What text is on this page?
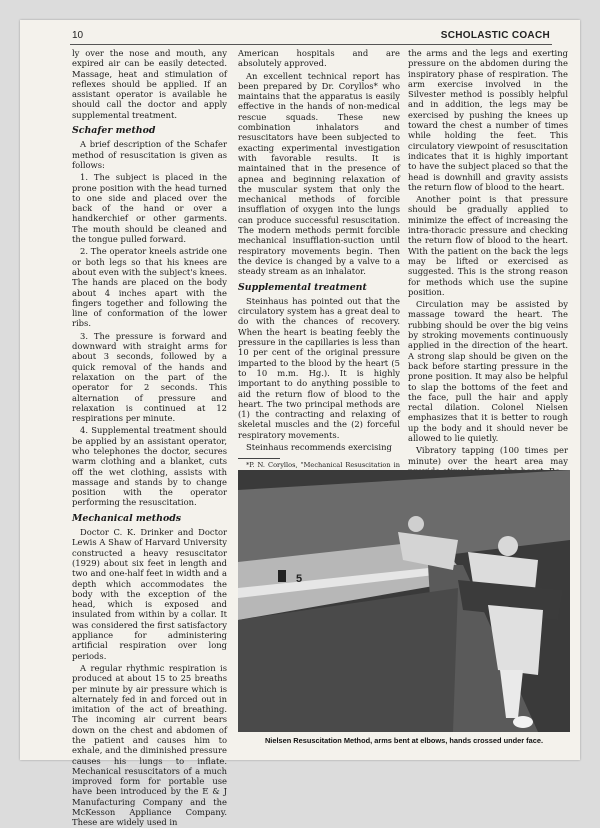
10	SCHOLASTIC COACH

ly over the nose and mouth, any expired air can be easily detected. Massage, heat and stimulation of reflexes should be applied. If an assistant operator is available he should call the doctor and apply supplemental treatment.

Schafer method

A brief description of the Schafer method of resuscitation is given as follows:

1. The subject is placed in the prone position with the head turned to one side and placed over the back of the hand or over a handkerchief or other garments. The mouth should be cleaned and the tongue pulled forward.

2. The operator kneels astride one or both legs so that his knees are about even with the subject's knees. The hands are placed on the body about 4 inches apart with the fingers together and following the line of conformation of the lower ribs.

3. The pressure is forward and downward with straight arms for about 3 seconds, followed by a quick removal of the hands and relaxation on the part of the operator for 2 seconds. This alternation of pressure and relaxation is continued at 12 respirations per minute.

4. Supplemental treatment should be applied by an assistant operator, who telephones the doctor, secures warm clothing and a blanket, cuts off the wet clothing, assists with massage and stands by to change position with the operator performing the resuscitation.

Mechanical methods

Doctor C. K. Drinker and Doctor Lewis A Shaw of Harvard University constructed a heavy resuscitator (1929) about six feet in length and two and one-half feet in width and a depth which accommodates the body with the exception of the head, which is exposed and insulated from within by a collar. It was considered the first satisfactory appliance for administering artificial respiration over long periods.

A regular rhythmic respiration is produced at about 15 to 25 breaths per minute by air pressure which is alternately fed in and forced out in imitation of the act of breathing. The incoming air current bears down on the chest and abdomen of the patient and causes him to exhale, and the diminished pressure causes his lungs to inflate. Mechanical resuscitators of a much improved form for portable use have been introduced by the E & J Manufacturing Company and the McKesson Appliance Company. These are widely used in

American hospitals and are absolutely approved.

An excellent technical report has been prepared by Dr. Coryllos* who maintains that the apparatus is easily effective in the hands of non-medical rescue squads. These new combination inhalators and resuscitators have been subjected to exacting experimental investigation with favorable results. It is maintained that in the presence of apnea and beginning relaxation of the muscular system that only the mechanical methods of forcible insufflation of oxygen into the lungs can produce successful resuscitation. The modern methods permit forcible mechanical insufflation-suction until respiratory movements begin. Then the device is changed by a valve to a steady stream as an inhalator.

Supplemental treatment

Steinhaus has pointed out that the circulatory system has a great deal to do with the chances of recovery. When the heart is beating feebly the pressure in the capillaries is less than 10 per cent of the original pressure imparted to the blood by the heart (5 to 10 m.m. Hg.). It is highly important to do anything possible to aid the return flow of blood to the heart. The two principal methods are (1) the contracting and relaxing of skeletal muscles and the (2) forceful respiratory movements.

Steinhaus recommends exercising

*P. N. Coryllos, "Mechanical Resuscitation in

the arms and the legs and exerting pressure on the abdomen during the inspiratory phase of respiration. The arm exercise involved in the Silvester method is possibly helpful and in addition, the legs may be exercised by pushing the knees up toward the chest a number of times while holding the feet. This circulatory viewpoint of resuscitation indicates that it is highly important to have the subject placed so that the head is downhill and gravity assists the return flow of blood to the heart.

Another point is that pressure should be gradually applied to minimize the effect of increasing the intra-thoracic pressure and checking the return flow of blood to the heart. With the patient on the back the legs may be lifted or exercised as suggested. This is the strong reason for methods which use the supine position.

Circulation may be assisted by massage toward the heart. The rubbing should be over the big veins by stroking movements continuously applied in the direction of the heart. A strong slap should be given on the back before starting pressure in the prone position. It may also be helpful to slap the bottoms of the feet and the face, pull the hair and apply rectal dilation. Colonel Nielsen emphasizes that it is better to rough up the body and it should never be allowed to lie quietly.

Vibratory tapping (100 times per minute) over the heart area may

5
Nielsen Resuscitation Method, arms bent at elbows, hands crossed under face.
